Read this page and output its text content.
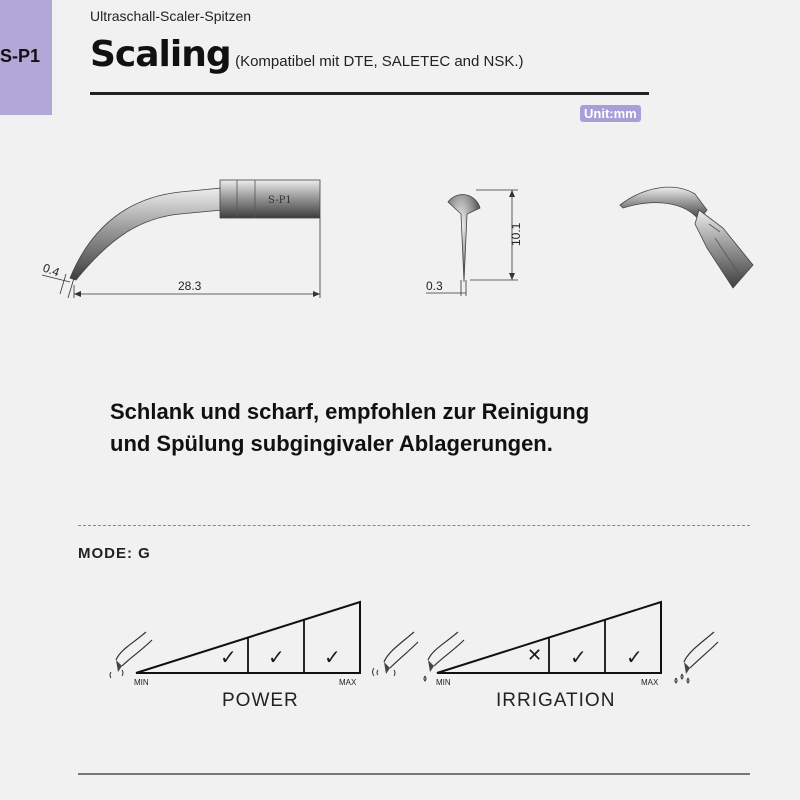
S-P1
Ultraschall-Scaler-Spitzen
Scaling (Kompatibel mit DTE, SALETEC and NSK.)
Unit:mm
S-P1
28.3
0.4
10.1
0.3
Schlank und scharf, empfohlen zur Reinigung
und Spülung subgingivaler Ablagerungen.
MODE: G
MIN	MAX
✓ ✓ ✓
POWER
MIN	MAX
✕ ✓ ✓
IRRIGATION
